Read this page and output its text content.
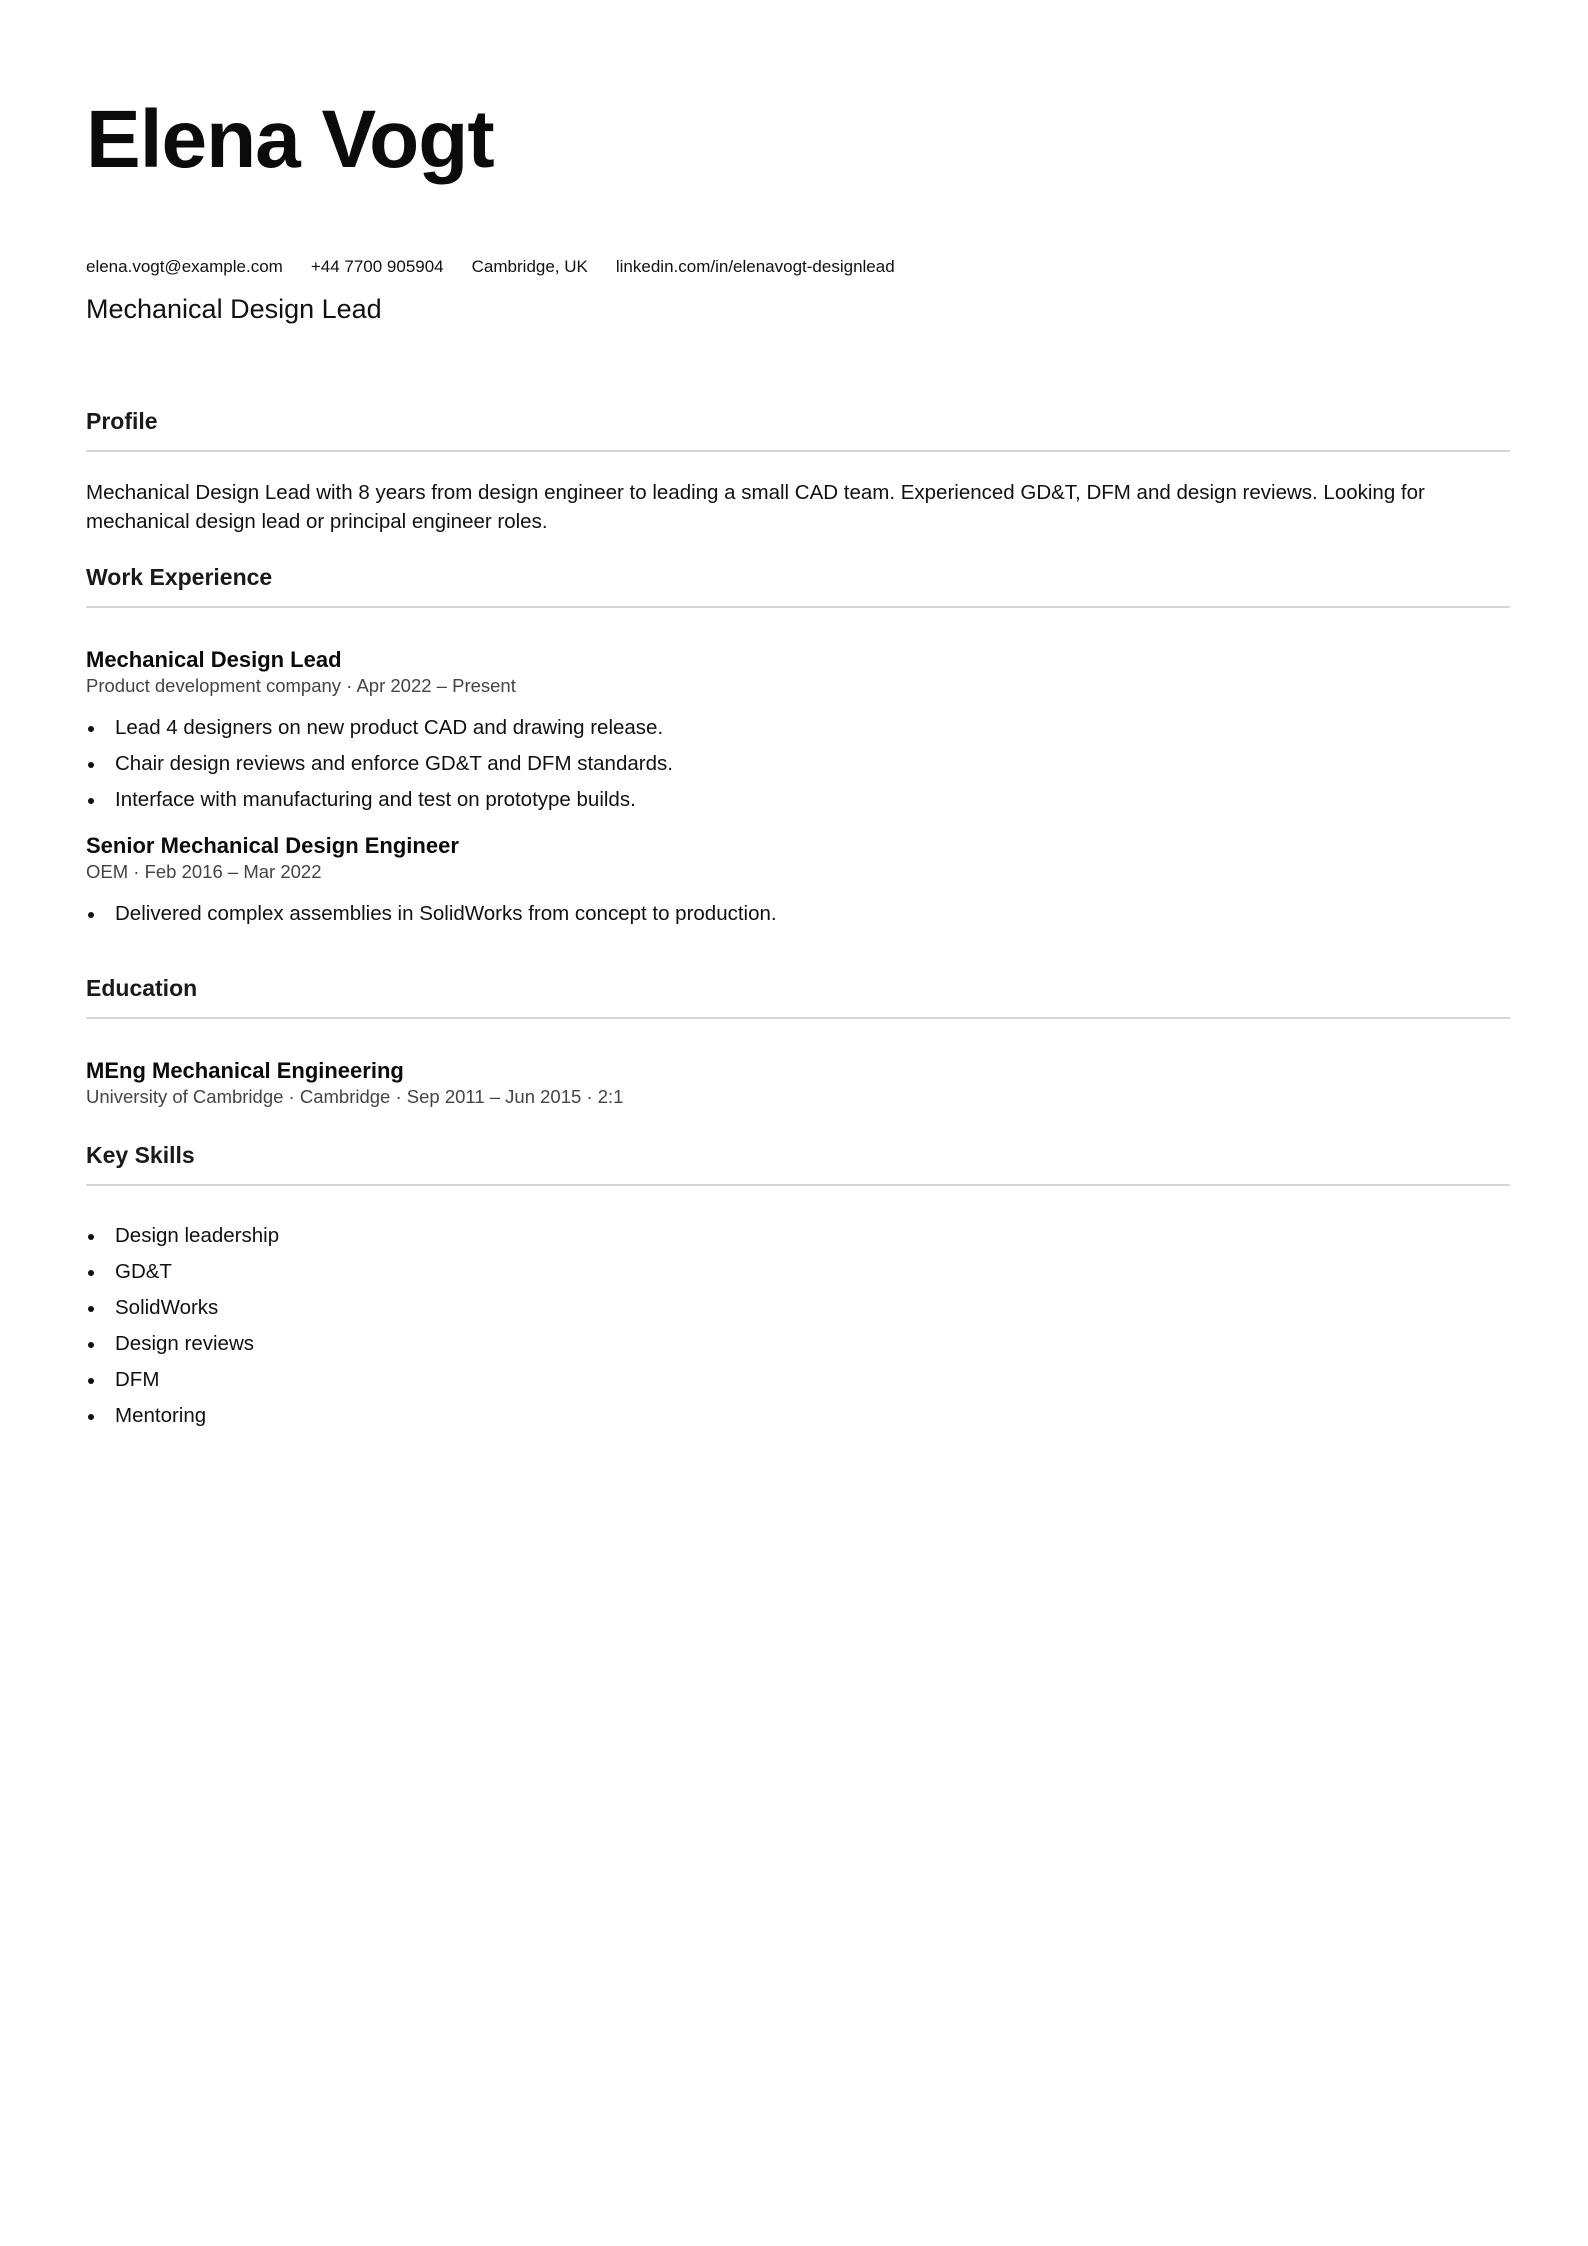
Elena Vogt
Mechanical Design Lead
elena.vogt@example.com +44 7700 905904 Cambridge, UK linkedin.com/in/elenavogt-designlead
Profile

Mechanical Design Lead with 8 years from design engineer to leading a small CAD team. Experienced GD&T, DFM and design reviews. Looking for mechanical design lead or principal engineer roles.

Work Experience

Mechanical Design Lead

Product development company · Apr 2022 – Present

Lead 4 designers on new product CAD and drawing release.
Chair design reviews and enforce GD&T and DFM standards.
Interface with manufacturing and test on prototype builds.

Senior Mechanical Design Engineer

OEM · Feb 2016 – Mar 2022

Delivered complex assemblies in SolidWorks from concept to production.
Education

MEng Mechanical Engineering

University of Cambridge · Cambridge · Sep 2011 – Jun 2015 · 2:1

Key Skills
Design leadership
GD&T
SolidWorks
Design reviews
DFM
Mentoring
